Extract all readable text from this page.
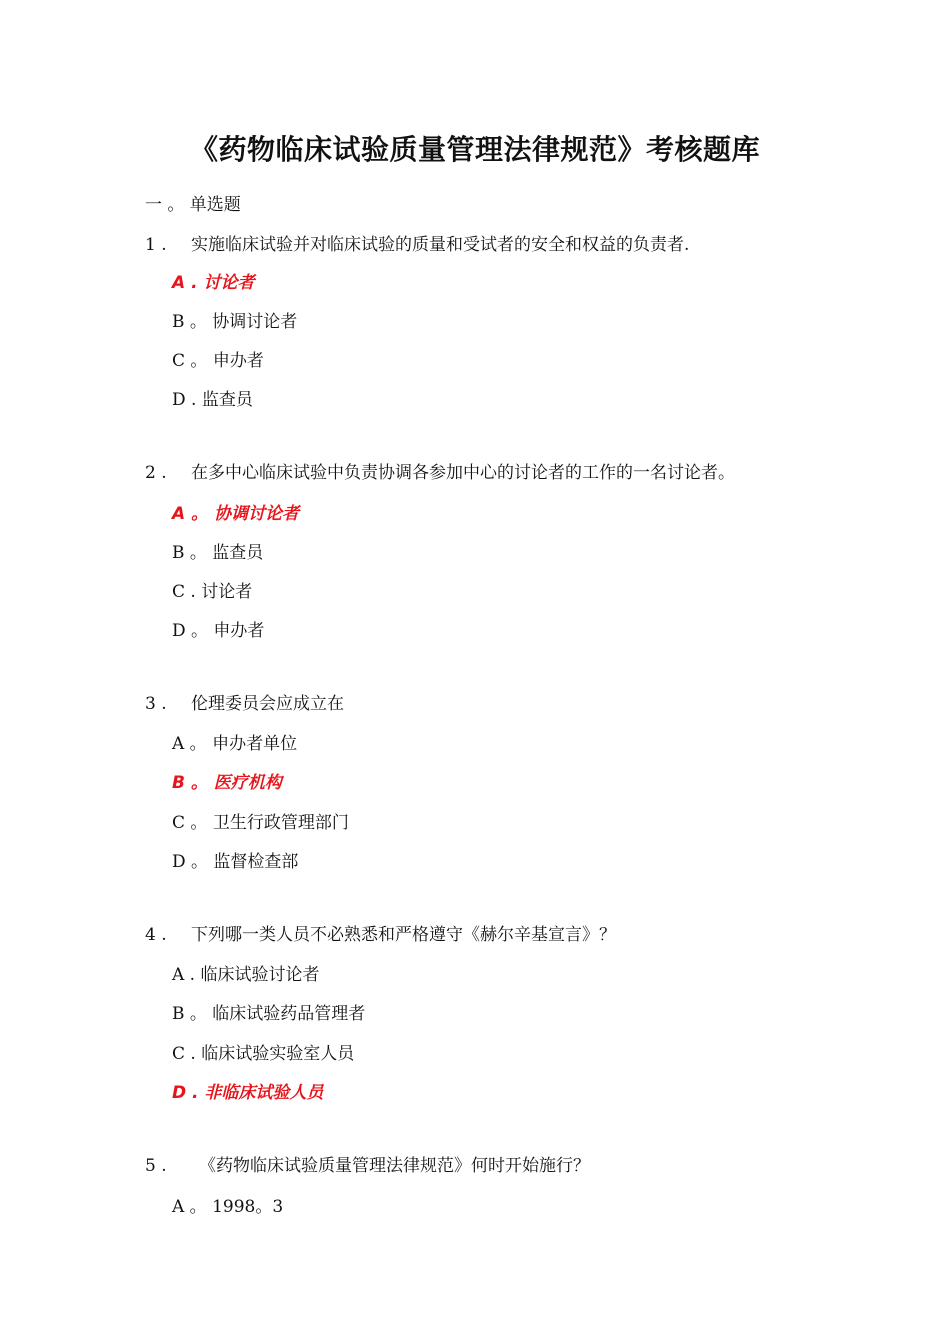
《药物临床试验质量管理法律规范》考核题库
一 。 单选题
1 . 实施临床试验并对临床试验的质量和受试者的安全和权益的负责者.
A . 讨论者
B 。 协调讨论者
C 。 申办者
D . 监查员
2 . 在多中心临床试验中负责协调各参加中心的讨论者的工作的一名讨论者。
A 。 协调讨论者
B 。 监查员
C . 讨论者
D 。 申办者
3 . 伦理委员会应成立在
A 。 申办者单位
B 。 医疗机构
C 。 卫生行政管理部门
D 。 监督检查部
4 . 下列哪一类人员不必熟悉和严格遵守《赫尔辛基宣言》？
A . 临床试验讨论者
B 。 临床试验药品管理者
C . 临床试验实验室人员
D . 非临床试验人员
5 . 《药物临床试验质量管理法律规范》何时开始施行？
A 。 1998。3
